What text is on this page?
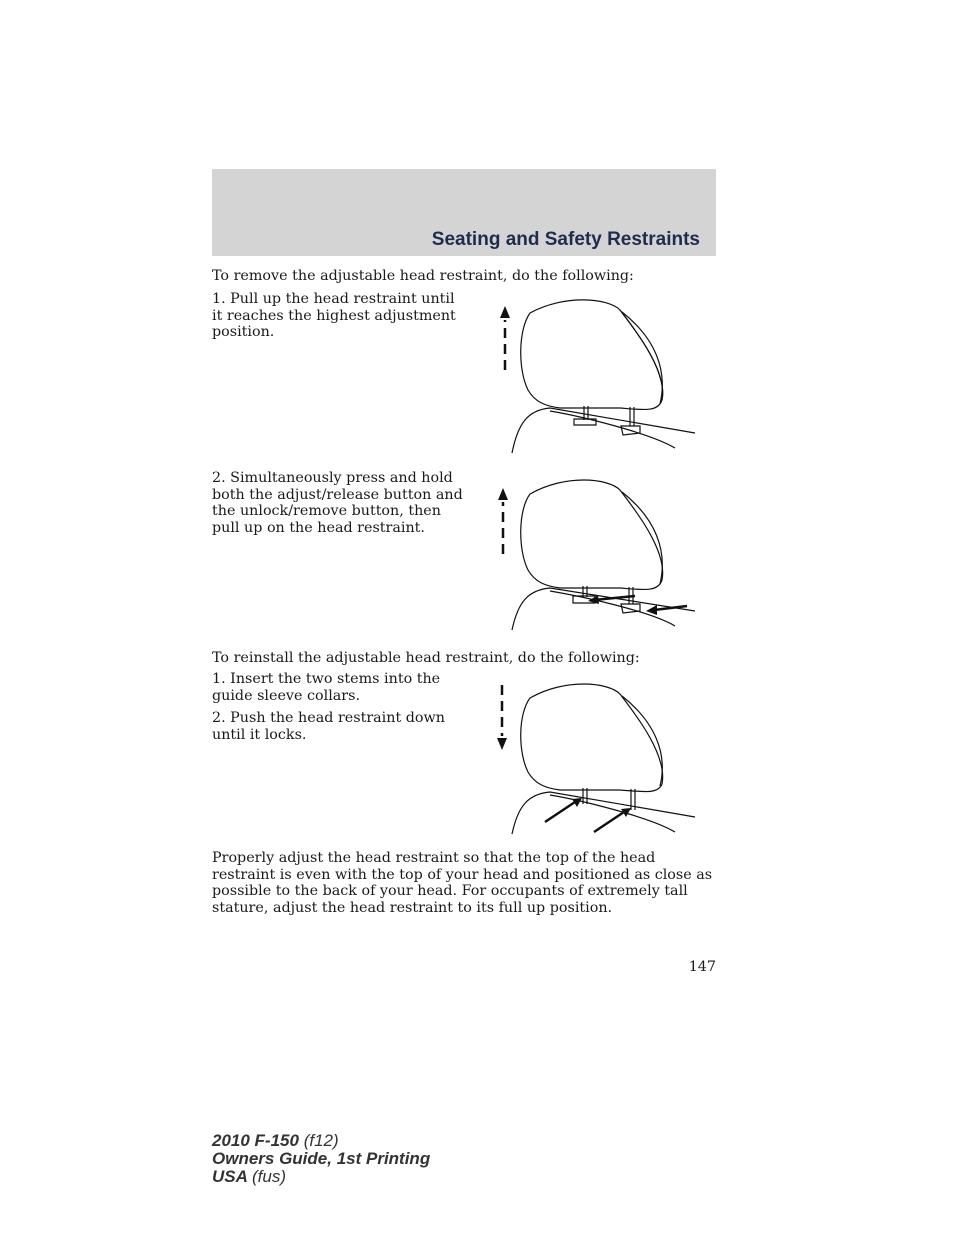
Seating and Safety Restraints

To remove the adjustable head restraint, do the following:

1. Pull up the head restraint until it reaches the highest adjustment position.

2. Simultaneously press and hold both the adjust/release button and the unlock/remove button, then pull up on the head restraint.

To reinstall the adjustable head restraint, do the following:

1. Insert the two stems into the guide sleeve collars.

2. Push the head restraint down until it locks.

Properly adjust the head restraint so that the top of the head restraint is even with the top of your head and positioned as close as possible to the back of your head. For occupants of extremely tall stature, adjust the head restraint to its full up position.

147
2010 F-150 (f12)
Owners Guide, 1st Printing
USA (fus)
